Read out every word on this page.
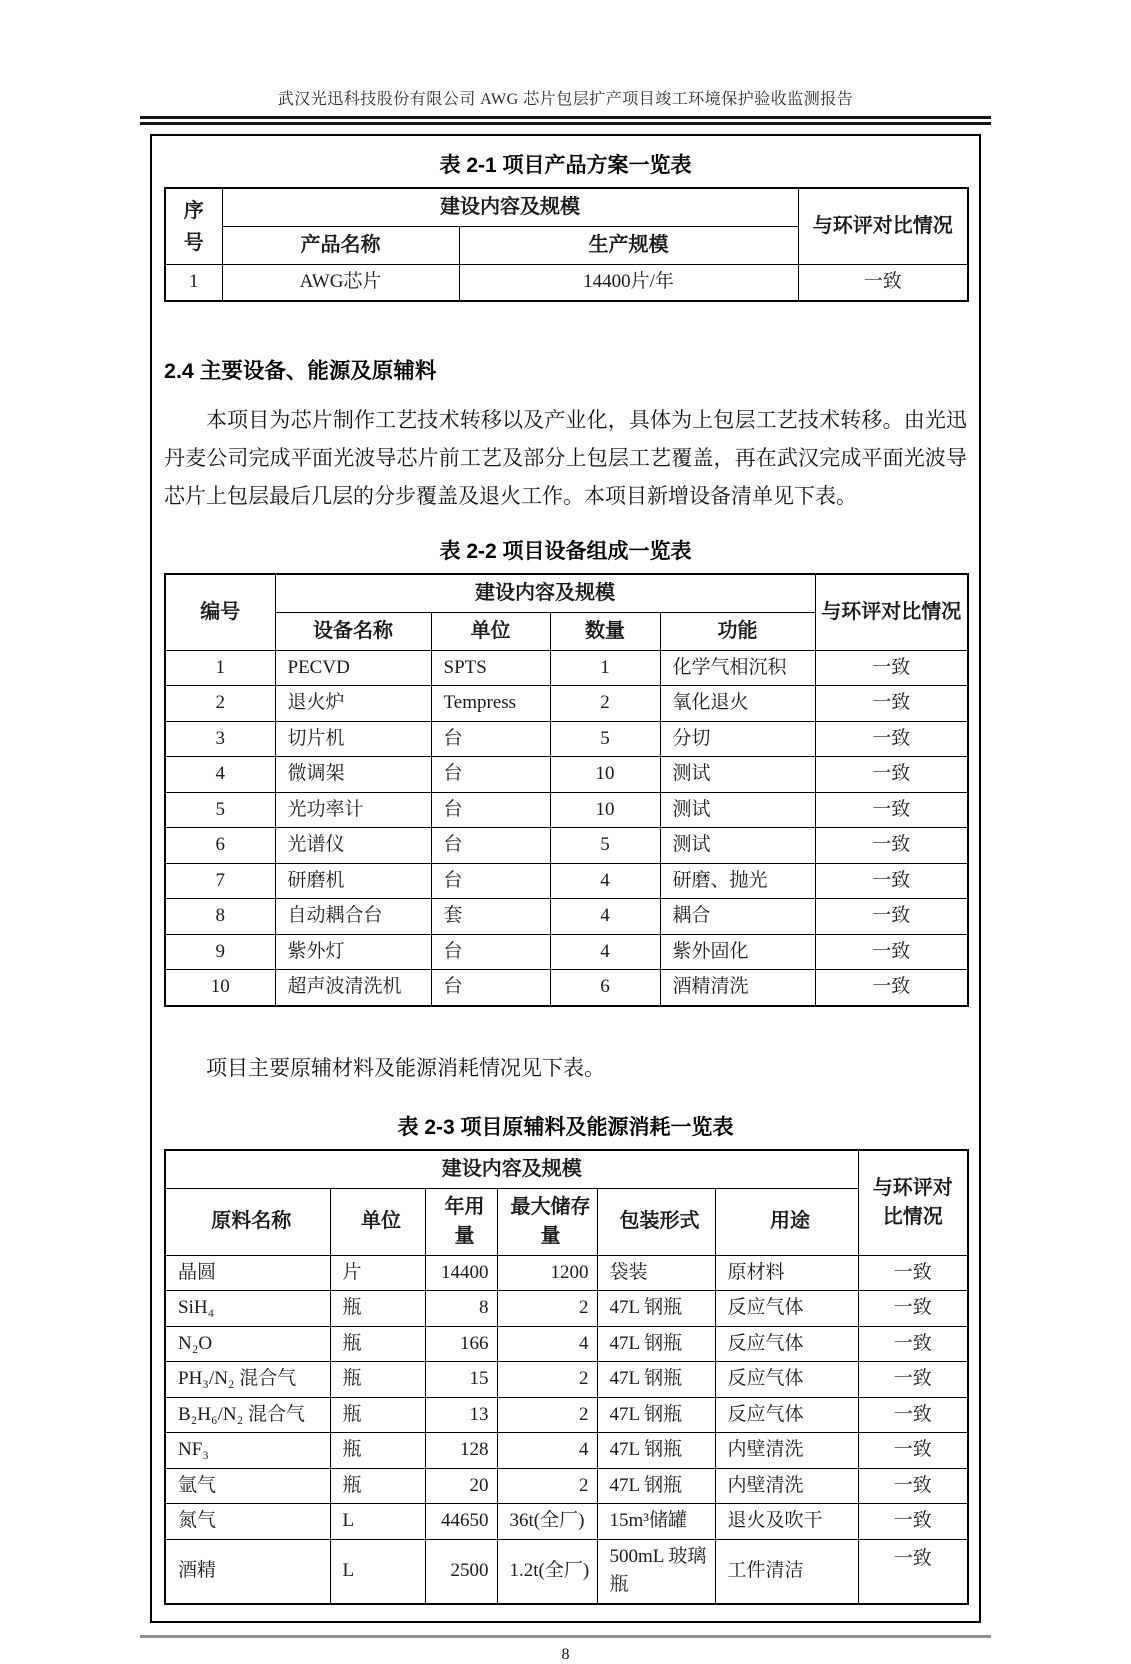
武汉光迅科技股份有限公司 AWG 芯片包层扩产项目竣工环境保护验收监测报告
表 2-1 项目产品方案一览表
序号	建设内容及规模		与环评对比情况
	产品名称	生产规模	
1	AWG芯片	14400片/年	一致
2.4 主要设备、能源及原辅料

本项目为芯片制作工艺技术转移以及产业化，具体为上包层工艺技术转移。由光迅丹麦公司完成平面光波导芯片前工艺及部分上包层工艺覆盖，再在武汉完成平面光波导芯片上包层最后几层的分步覆盖及退火工作。本项目新增设备清单见下表。

表 2-2 项目设备组成一览表
编号	建设内容及规模				与环评对比情况
	设备名称	单位	数量	功能	
1	PECVD	SPTS	1	化学气相沉积	一致
2	退火炉	Tempress	2	氧化退火	一致
3	切片机	台	5	分切	一致
4	微调架	台	10	测试	一致
5	光功率计	台	10	测试	一致
6	光谱仪	台	5	测试	一致
7	研磨机	台	4	研磨、抛光	一致
8	自动耦合台	套	4	耦合	一致
9	紫外灯	台	4	紫外固化	一致
10	超声波清洗机	台	6	酒精清洗	一致

项目主要原辅材料及能源消耗情况见下表。

表 2-3 项目原辅料及能源消耗一览表
建设内容及规模						与环评对比情况
原料名称	单位	年用量	最大储存量	包装形式	用途	
晶圆	片	14400	1200	袋装	原材料	一致
SiH₄	瓶	8	2	47L 钢瓶	反应气体	一致
N₂O	瓶	166	4	47L 钢瓶	反应气体	一致
PH₃/N₂ 混合气	瓶	15	2	47L 钢瓶	反应气体	一致
B₂H₆/N₂ 混合气	瓶	13	2	47L 钢瓶	反应气体	一致
NF₃	瓶	128	4	47L 钢瓶	内壁清洗	一致
氩气	瓶	20	2	47L 钢瓶	内壁清洗	一致
氮气	L	44650	36t(全厂)	15m³储罐	退火及吹干	一致
酒精	L	2500	1.2t(全厂)	500mL 玻璃瓶	工件清洁	一致
8
